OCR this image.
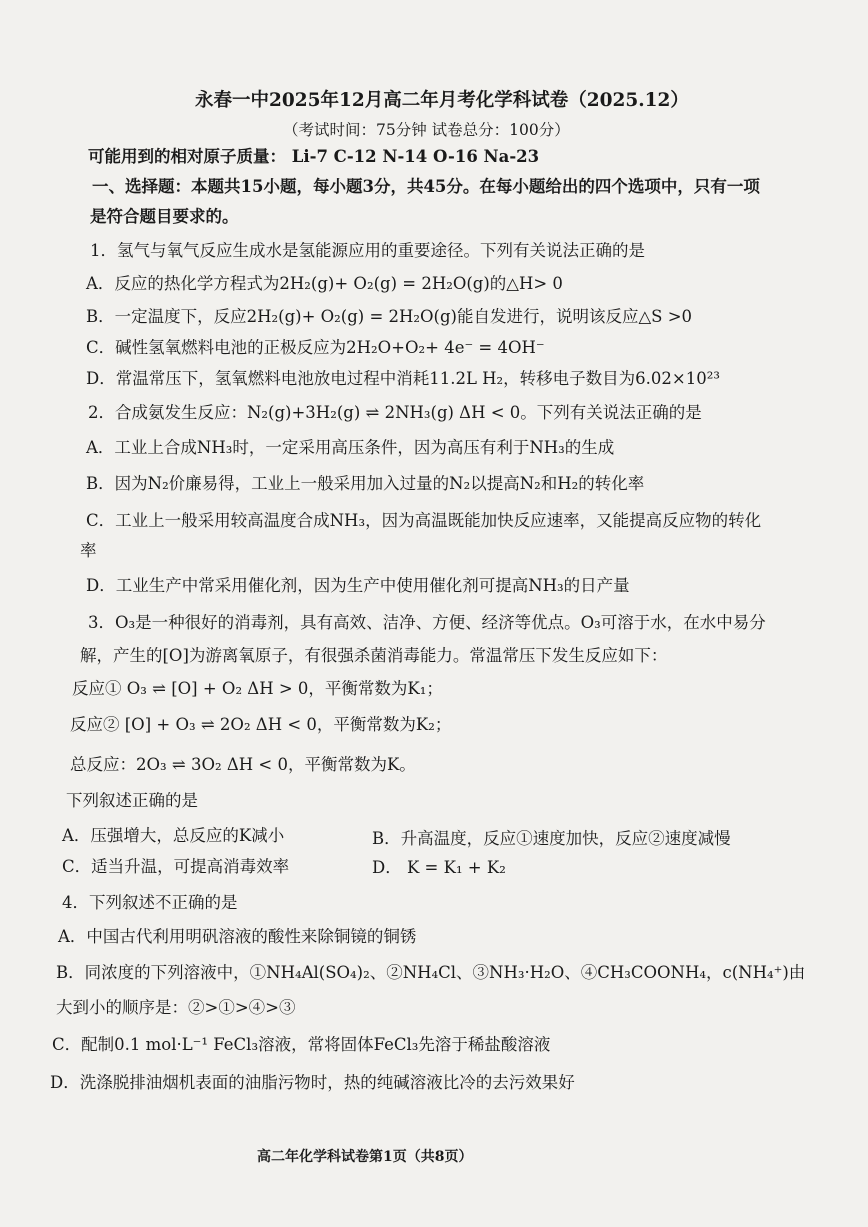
永春一中2025年12月高二年月考化学科试卷（2025.12）
（考试时间：75分钟 试卷总分：100分）
可能用到的相对原子质量： Li-7 C-12 N-14 O-16 Na-23
一、选择题：本题共15小题，每小题3分，共45分。在每小题给出的四个选项中，只有一项
是符合题目要求的。
1．氢气与氧气反应生成水是氢能源应用的重要途径。下列有关说法正确的是
A．反应的热化学方程式为2H₂(g)+ O₂(g) = 2H₂O(g)的△H> 0
B．一定温度下，反应2H₂(g)+ O₂(g) = 2H₂O(g)能自发进行，说明该反应△S >0
C．碱性氢氧燃料电池的正极反应为2H₂O+O₂+ 4e⁻ = 4OH⁻
D．常温常压下，氢氧燃料电池放电过程中消耗11.2L H₂，转移电子数目为6.02×10²³
2．合成氨发生反应：N₂(g)+3H₂(g) ⇌ 2NH₃(g) ΔH < 0。下列有关说法正确的是
A．工业上合成NH₃时，一定采用高压条件，因为高压有利于NH₃的生成
B．因为N₂价廉易得，工业上一般采用加入过量的N₂以提高N₂和H₂的转化率
C．工业上一般采用较高温度合成NH₃，因为高温既能加快反应速率，又能提高反应物的转化
率
D．工业生产中常采用催化剂，因为生产中使用催化剂可提高NH₃的日产量
3．O₃是一种很好的消毒剂，具有高效、洁净、方便、经济等优点。O₃可溶于水，在水中易分
解，产生的[O]为游离氧原子，有很强杀菌消毒能力。常温常压下发生反应如下：
反应① O₃ ⇌ [O] + O₂ ΔH > 0，平衡常数为K₁；
反应② [O] + O₃ ⇌ 2O₂ ΔH < 0，平衡常数为K₂；
总反应：2O₃ ⇌ 3O₂ ΔH < 0，平衡常数为K。
下列叙述正确的是
A．压强增大，总反应的K减小	B．升高温度，反应①速度加快，反应②速度减慢
C．适当升温，可提高消毒效率	D． K = K₁ + K₂
4．下列叙述不正确的是
A．中国古代利用明矾溶液的酸性来除铜镜的铜锈
B．同浓度的下列溶液中，①NH₄Al(SO₄)₂、②NH₄Cl、③NH₃·H₂O、④CH₃COONH₄，c(NH₄⁺)由
大到小的顺序是：②>①>④>③
C．配制0.1 mol·L⁻¹ FeCl₃溶液，常将固体FeCl₃先溶于稀盐酸溶液
D．洗涤脱排油烟机表面的油脂污物时，热的纯碱溶液比冷的去污效果好
高二年化学科试卷第1页（共8页）
